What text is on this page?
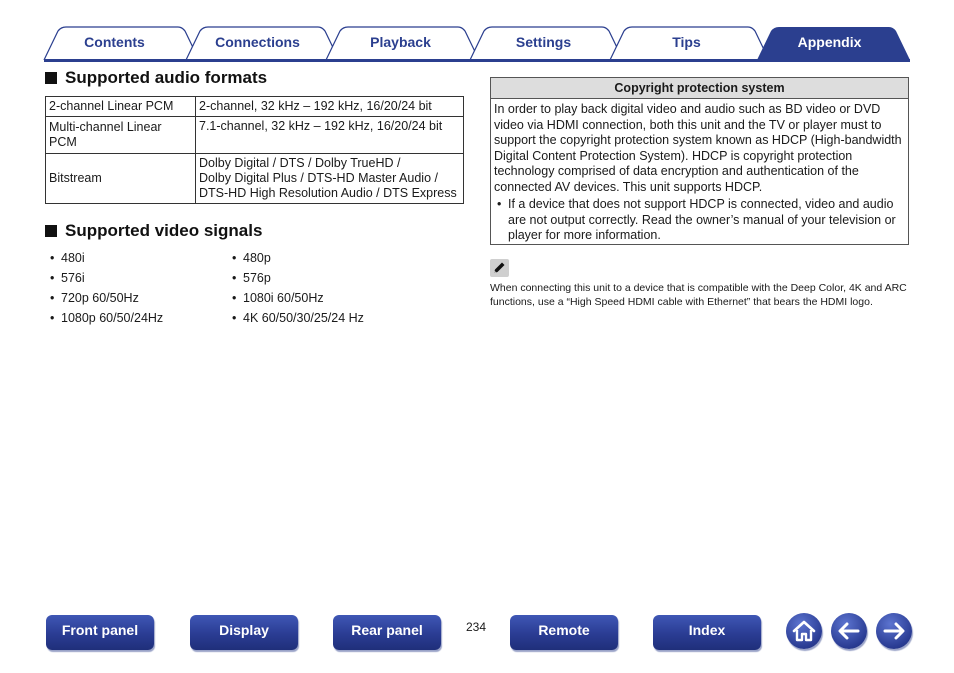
Contents	Connections	Playback	Settings	Tips	Appendix
Supported audio formats
2-channel Linear PCM	2-channel, 32 kHz – 192 kHz, 16/20/24 bit
Multi-channel Linear PCM	7.1-channel, 32 kHz – 192 kHz, 16/20/24 bit
Bitstream	Dolby Digital / DTS / Dolby TrueHD /
Dolby Digital Plus / DTS-HD Master Audio /
DTS-HD High Resolution Audio / DTS Express
Supported video signals
• 480i
• 576i
• 720p 60/50Hz
• 1080p 60/50/24Hz
• 480p
• 576p
• 1080i 60/50Hz
• 4K 60/50/30/25/24 Hz
Copyright protection system
In order to play back digital video and audio such as BD video or DVD video via HDMI connection, both this unit and the TV or player must to support the copyright protection system known as HDCP (High-bandwidth Digital Content Protection System). HDCP is copyright protection technology comprised of data encryption and authentication of the connected AV devices. This unit supports HDCP.
• If a device that does not support HDCP is connected, video and audio are not output correctly. Read the owner’s manual of your television or player for more information.
When connecting this unit to a device that is compatible with the Deep Color, 4K and ARC functions, use a “High Speed HDMI cable with Ethernet” that bears the HDMI logo.
Front panel	Display	Rear panel	234	Remote	Index
